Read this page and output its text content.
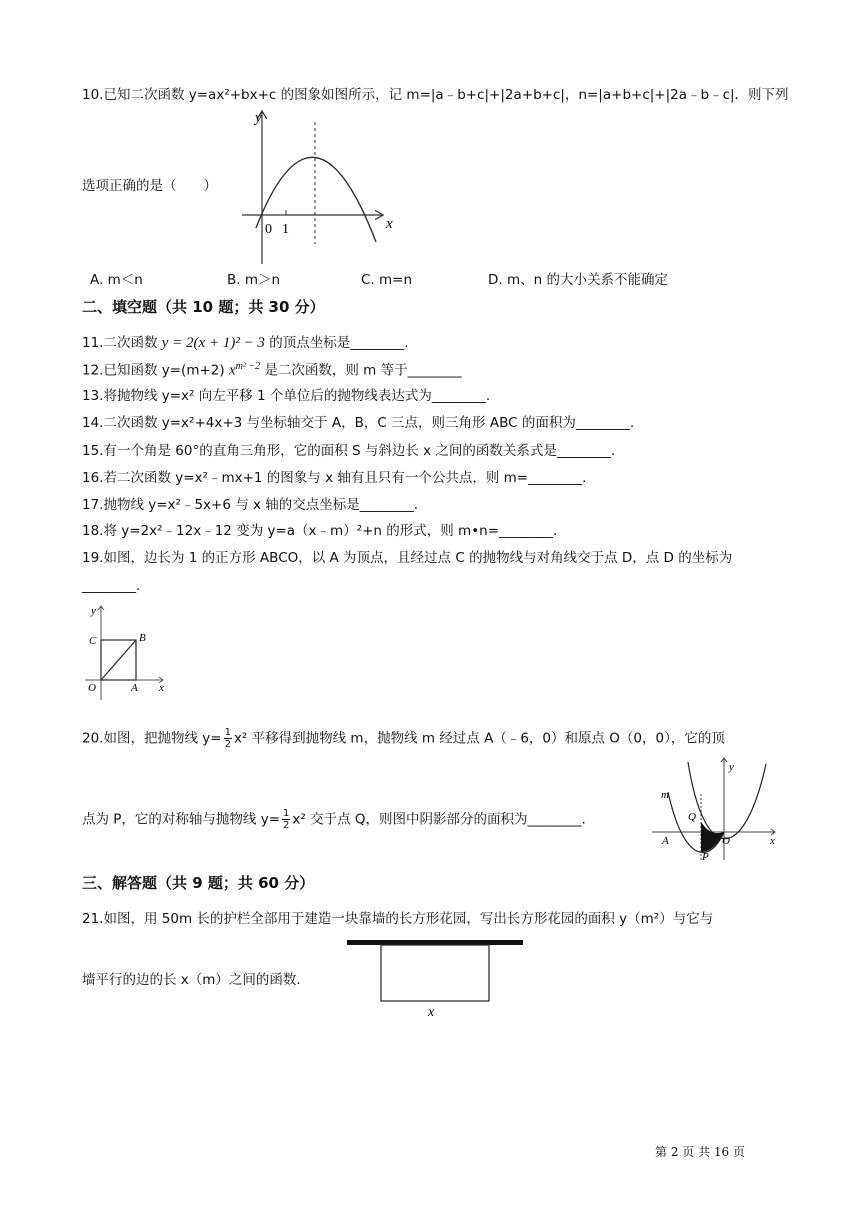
10.已知二次函数 y=ax²+bx+c 的图象如图所示，记 m=|a﹣b+c|+|2a+b+c|，n=|a+b+c|+|2a﹣b﹣c|．则下列
选项正确的是（　　）
x
y
0 1
A. m＜n	B. m＞n	C. m=n	D. m、n 的大小关系不能确定
二、填空题（共 10 题；共 30 分）
11.二次函数 y = 2(x + 1)² − 3 的顶点坐标是________.
12.已知函数 y=(m+2) $x^{m^2 -2}$ 是二次函数，则 m 等于________
13.将抛物线 y=x² 向左平移 1 个单位后的抛物线表达式为________.
14.二次函数 y=x²+4x+3 与坐标轴交于 A，B，C 三点，则三角形 ABC 的面积为________.
15.有一个角是 60°的直角三角形，它的面积 S 与斜边长 x 之间的函数关系式是________.
16.若二次函数 y=x²﹣mx+1 的图象与 x 轴有且只有一个公共点，则 m=________.
17.抛物线 y=x²﹣5x+6 与 x 轴的交点坐标是________.
18.将 y=2x²﹣12x﹣12 变为 y=a（x﹣m）²+n 的形式，则 m•n=________.
19.如图，边长为 1 的正方形 ABCO，以 A 为顶点，且经过点 C 的抛物线与对角线交于点 D，点 D 的坐标为
________.
y
x
C	B
O	A
20.如图，把抛物线 $y= \frac{1}{2} x^2$ 平移得到抛物线 m，抛物线 m 经过点 A（﹣6，0）和原点 O（0，0），它的顶
点为 P，它的对称轴与抛物线 $y= \frac{1}{2} x^2$ 交于点 Q，则图中阴影部分的面积为________.
m
y
Q
A	O
P
x
三、解答题（共 9 题；共 60 分）
21.如图，用 50m 长的护栏全部用于建造一块靠墙的长方形花园，写出长方形花园的面积 y（m²）与它与
墙平行的边的长 x（m）之间的函数.
x
第 2 页 共 16 页
